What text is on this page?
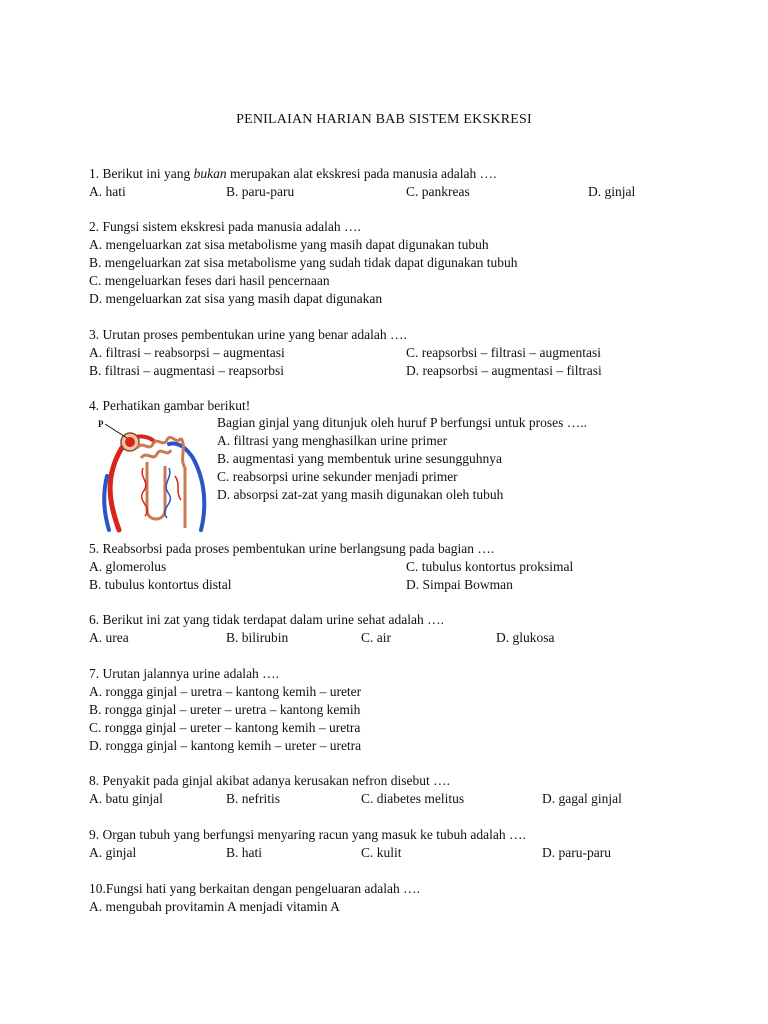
PENILAIAN HARIAN BAB SISTEM EKSKRESI
1. Berikut ini yang bukan merupakan alat ekskresi pada manusia adalah ….
A. hati	B. paru-paru	C. pankreas	D. ginjal
2. Fungsi sistem ekskresi pada manusia adalah ….
A. mengeluarkan zat sisa metabolisme yang masih dapat digunakan tubuh
B. mengeluarkan zat sisa metabolisme yang sudah tidak dapat digunakan tubuh
C. mengeluarkan feses dari hasil pencernaan
D. mengeluarkan zat sisa yang masih dapat digunakan
3. Urutan proses pembentukan urine yang benar adalah ….
A. filtrasi – reabsorpsi – augmentasi	C. reapsorbsi – filtrasi – augmentasi
B. filtrasi – augmentasi – reapsorbsi	D. reapsorbsi – augmentasi – filtrasi
4. Perhatikan gambar berikut!
P	Bagian ginjal yang ditunjuk oleh huruf P berfungsi untuk proses …..
A. filtrasi yang menghasilkan urine primer
B. augmentasi yang membentuk urine sesungguhnya
C. reabsorpsi urine sekunder menjadi primer
D. absorpsi zat-zat yang masih digunakan oleh tubuh
5. Reabsorbsi pada proses pembentukan urine berlangsung pada bagian ….
A. glomerolus	C. tubulus kontortus proksimal
B. tubulus kontortus distal	D. Simpai Bowman
6. Berikut ini zat yang tidak terdapat dalam urine sehat adalah ….
A. urea	B. bilirubin	C. air	D. glukosa
7. Urutan jalannya urine adalah ….
A. rongga ginjal – uretra – kantong kemih – ureter
B. rongga ginjal – ureter – uretra – kantong kemih
C. rongga ginjal – ureter – kantong kemih – uretra
D. rongga ginjal – kantong kemih – ureter – uretra
8. Penyakit pada ginjal akibat adanya kerusakan nefron disebut ….
A. batu ginjal	B. nefritis	C. diabetes melitus	D. gagal ginjal
9. Organ tubuh yang berfungsi menyaring racun yang masuk ke tubuh adalah ….
A. ginjal	B. hati	C. kulit	D. paru-paru
10.Fungsi hati yang berkaitan dengan pengeluaran adalah ….
A. mengubah provitamin A menjadi vitamin A
